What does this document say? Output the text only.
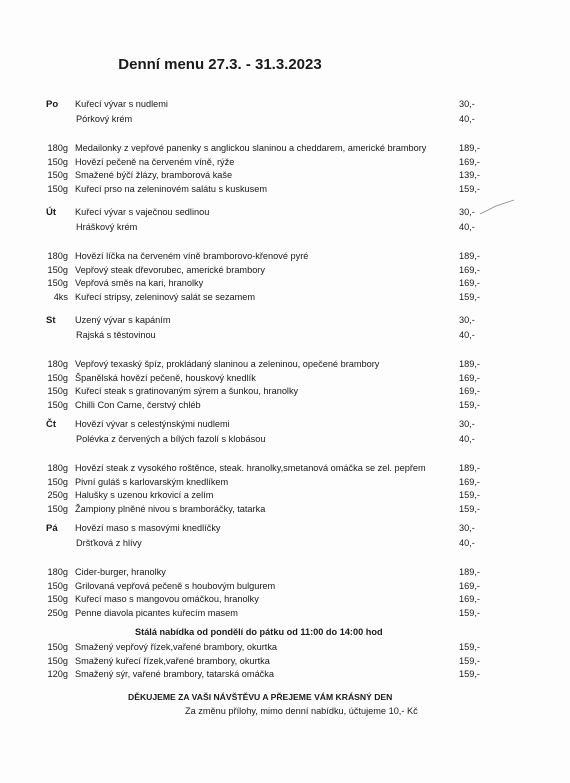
Denní menu 27.3. - 31.3.2023
Po Kuřecí vývar s nudlemi	30,-
Pórkový krém	40,-
180g Medailonky z vepřové panenky s anglickou slaninou a cheddarem, americké brambory	189,-
150g Hovězí pečeně na červeném víně, rýže	169,-
150g Smažené býčí žlázy, bramborová kaše	139,-
150g Kuřecí prso na zeleninovém salátu s kuskusem	159,-
Út Kuřecí vývar s vaječnou sedlinou	30,-
Hráškový krém	40,-
180g Hovězí líčka na červeném víně bramborovo-křenové pyré	189,-
150g Vepřový steak dřevorubec, americké brambory	169,-
150g Vepřová směs na kari, hranolky	169,-
4ks Kuřecí stripsy, zeleninový salát se sezamem	159,-
St Uzený vývar s kapáním	30,-
Rajská s těstovinou	40,-
180g Vepřový texaský špíz, prokládaný slaninou a zeleninou, opečené brambory	189,-
150g Španělská hovězí pečeně, houskový knedlík	169,-
150g Kuřecí steak s gratinovaným sýrem a šunkou, hranolky	169,-
150g Chilli Con Carne, čerstvý chléb	159,-
Čt Hovězí vývar s celestýnskými nudlemi	30,-
Polévka z červených a bílých fazolí s klobásou	40,-
180g Hovězí steak z vysokého roštěnce, steak. hranolky,smetanová omáčka se zel. pepřem	189,-
150g Pivní guláš s karlovarským knedlíkem	169,-
250g Halušky s uzenou krkovicí a zelím	159,-
150g Žampiony plněné nivou s bramboráčky, tatarka	159,-
Pá Hovězí maso s masovými knedlíčky	30,-
Dršťková z hlívy	40,-
180g Cider-burger, hranolky	189,-
150g Grilovaná vepřová pečeně s houbovým bulgurem	169,-
150g Kuřecí maso s mangovou omáčkou, hranolky	169,-
250g Penne diavola picantes kuřecím masem	159,-
Stálá nabídka od pondělí do pátku od 11:00 do 14:00 hod
150g Smažený vepřový řízek,vařené brambory, okurtka	159,-
150g Smažený kuřecí řízek,vařené brambory, okurtka	159,-
120g Smažený sýr, vařené brambory, tatarská omáčka	159,-
DĚKUJEME ZA VAŠI NÁVŠTĚVU A PŘEJEME VÁM KRÁSNÝ DEN
Za změnu přílohy, mimo denní nabídku, účtujeme 10,- Kč
